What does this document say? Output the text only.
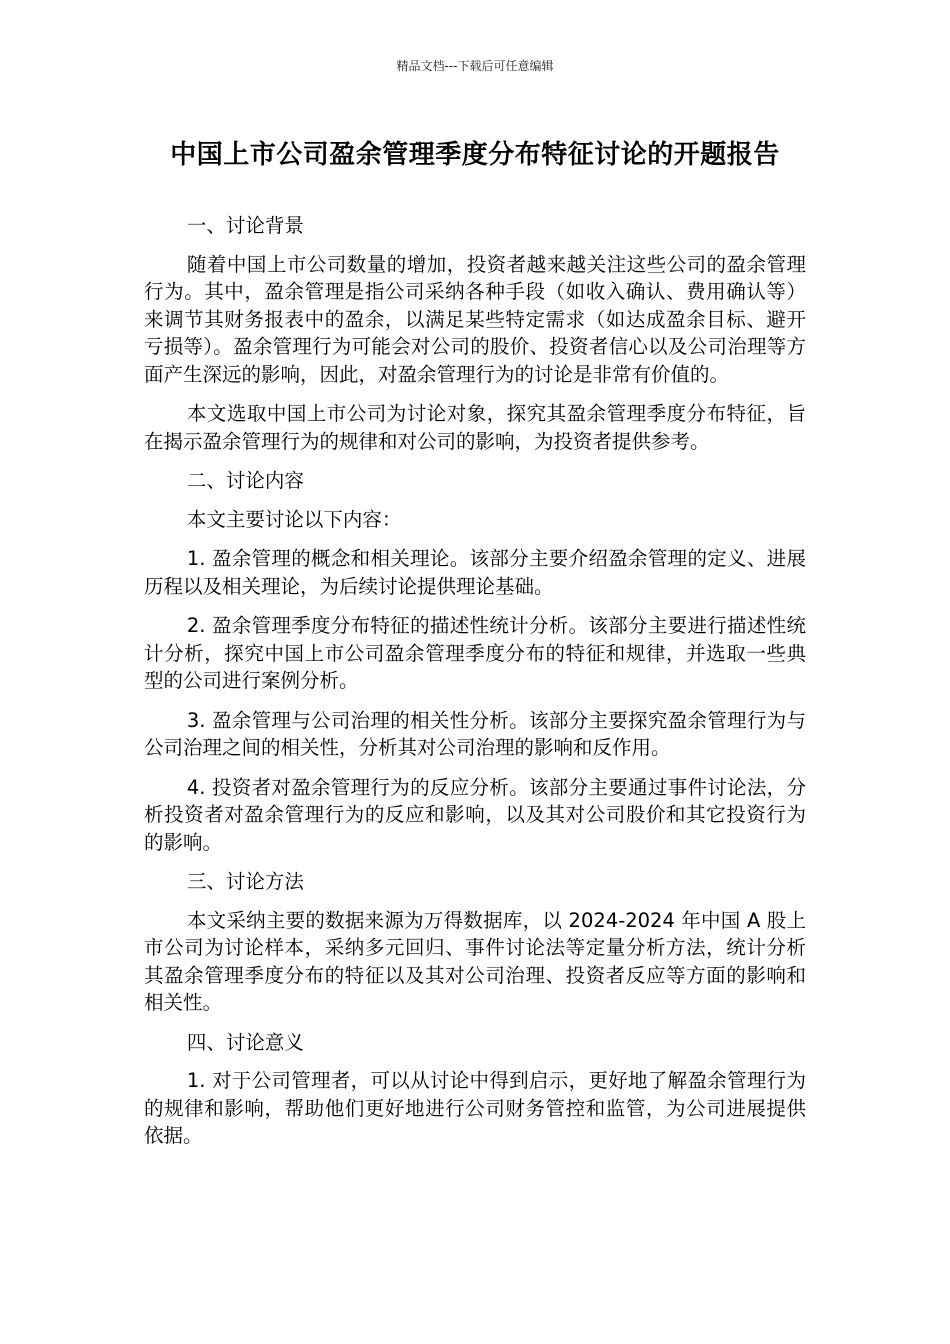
精品文档---下载后可任意编辑
中国上市公司盈余管理季度分布特征讨论的开题报告

一、讨论背景

随着中国上市公司数量的增加，投资者越来越关注这些公司的盈余管理行为。其中，盈余管理是指公司采纳各种手段（如收入确认、费用确认等）来调节其财务报表中的盈余，以满足某些特定需求（如达成盈余目标、避开亏损等）。盈余管理行为可能会对公司的股价、投资者信心以及公司治理等方面产生深远的影响，因此，对盈余管理行为的讨论是非常有价值的。

本文选取中国上市公司为讨论对象，探究其盈余管理季度分布特征，旨在揭示盈余管理行为的规律和对公司的影响，为投资者提供参考。

二、讨论内容

本文主要讨论以下内容：

1. 盈余管理的概念和相关理论。该部分主要介绍盈余管理的定义、进展历程以及相关理论，为后续讨论提供理论基础。

2. 盈余管理季度分布特征的描述性统计分析。该部分主要进行描述性统计分析，探究中国上市公司盈余管理季度分布的特征和规律，并选取一些典型的公司进行案例分析。

3. 盈余管理与公司治理的相关性分析。该部分主要探究盈余管理行为与公司治理之间的相关性，分析其对公司治理的影响和反作用。

4. 投资者对盈余管理行为的反应分析。该部分主要通过事件讨论法，分析投资者对盈余管理行为的反应和影响，以及其对公司股价和其它投资行为的影响。

三、讨论方法

本文采纳主要的数据来源为万得数据库，以 2024-2024 年中国 A 股上市公司为讨论样本，采纳多元回归、事件讨论法等定量分析方法，统计分析其盈余管理季度分布的特征以及其对公司治理、投资者反应等方面的影响和相关性。

四、讨论意义

1. 对于公司管理者，可以从讨论中得到启示，更好地了解盈余管理行为的规律和影响，帮助他们更好地进行公司财务管控和监管，为公司进展提供依据。
